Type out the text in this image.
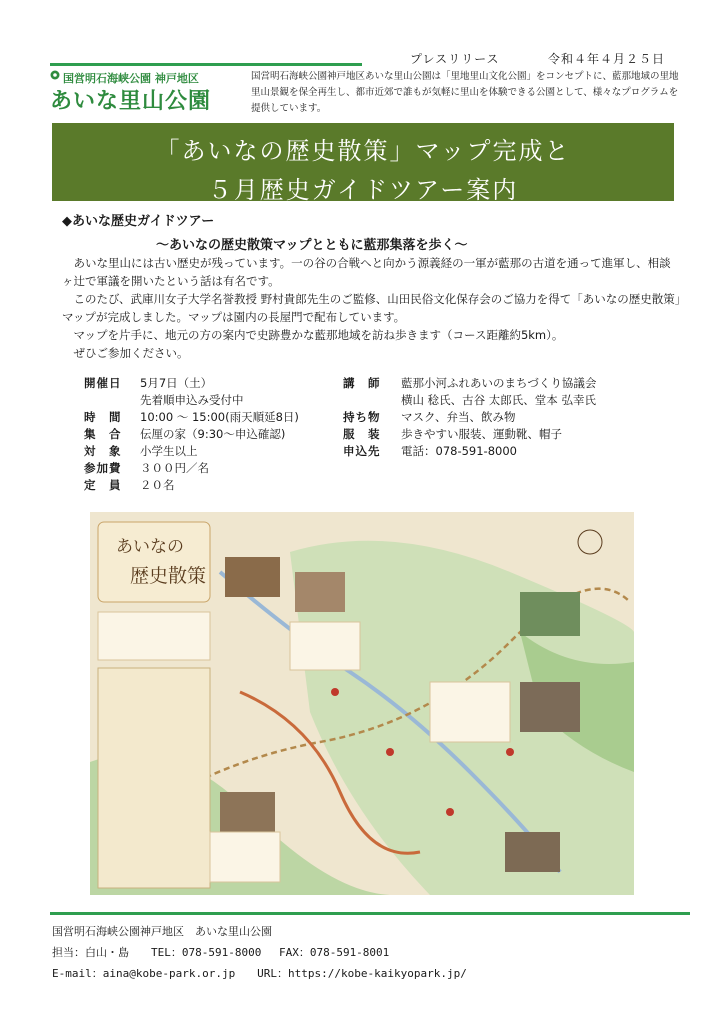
プレスリリース	令和４年４月２５日
国営明石海峡公園 神戸地区
あいな里山公園
国営明石海峡公園神戸地区あいな里山公園は「里地里山文化公園」をコンセプトに、藍那地域の里地里山景観を保全再生し、都市近郊で誰もが気軽に里山を体験できる公園として、様々なプログラムを提供しています。
「あいなの歴史散策」マップ完成と
５月歴史ガイドツアー案内
◆あいな歴史ガイドツアー
～あいなの歴史散策マップとともに藍那集落を歩く～

　あいな里山には古い歴史が残っています。一の谷の合戦へと向かう源義経の一軍が藍那の古道を通って進軍し、相談ヶ辻で軍議を開いたという話は有名です。

　このたび、武庫川女子大学名誉教授 野村貴郎先生のご監修、山田民俗文化保存会のご協力を得て「あいなの歴史散策」マップが完成しました。マップは園内の長屋門で配布しています。

　マップを片手に、地元の方の案内で史跡豊かな藍那地域を訪ね歩きます（コース距離約5km）。

　ぜひご参加ください。

開催日	5月7日（土）
先着順申込み受付中
時　間	10:00 ～ 15:00(雨天順延8日)
集　合	伝厘の家（9:30～申込確認)
対　象	小学生以上
参加費	３００円／名
定　員	２０名
講　師	藍那小河ふれあいのまちづくり協議会
横山 稔氏、古谷 太郎氏、堂本 弘幸氏
持ち物	マスク、弁当、飲み物
服　装	歩きやすい服装、運動靴、帽子
申込先	電話：078-591-8000
あいなの
歴史散策
国営明石海峡公園神戸地区　あいな里山公園
担当：白山・島　　TEL：078-591-8000　 FAX：078-591-8001
E-mail：aina@kobe-park.or.jp　　URL：https://kobe-kaikyopark.jp/
